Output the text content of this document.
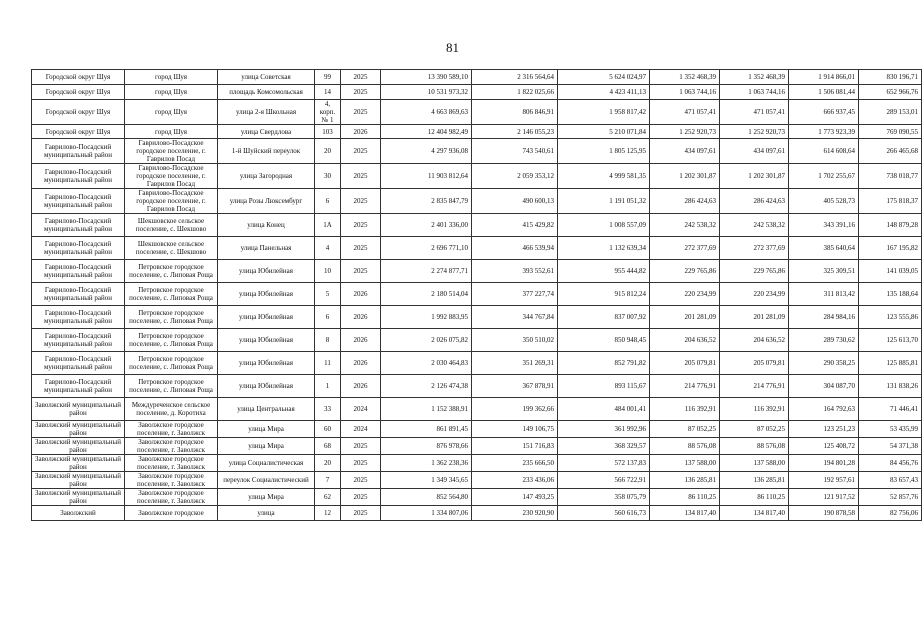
81
Городской округ Шуя	город Шуя	улица Советская	99	2025	13 390 589,10	2 316 564,64	5 624 024,97	1 352 468,39	1 352 468,39	1 914 866,01	830 196,71
Городской округ Шуя	город Шуя	площадь Комсомольская	14	2025	10 531 973,32	1 822 025,66	4 423 411,13	1 063 744,16	1 063 744,16	1 506 081,44	652 966,76
Городской округ Шуя	город Шуя	улица 2-я Школьная	4, корп. № 1	2025	4 663 869,63	806 846,91	1 958 817,42	471 057,41	471 057,41	666 937,45	289 153,01
Городской округ Шуя	город Шуя	улица Свердлова	103	2026	12 404 982,49	2 146 055,23	5 210 071,84	1 252 920,73	1 252 920,73	1 773 923,39	769 090,55
Гаврилово-Посадский муниципальный район	Гаврилово-Посадское городское поселение, г. Гаврилов Посад	1-й Шуйский переулок	20	2025	4 297 936,08	743 540,61	1 805 125,95	434 097,61	434 097,61	614 608,64	266 465,68
Гаврилово-Посадский муниципальный район	Гаврилово-Посадское городское поселение, г. Гаврилов Посад	улица Загородная	30	2025	11 903 812,64	2 059 353,12	4 999 581,35	1 202 301,87	1 202 301,87	1 702 255,67	738 018,77
Гаврилово-Посадский муниципальный район	Гаврилово-Посадское городское поселение, г. Гаврилов Посад	улица Розы Люксембург	6	2025	2 835 847,79	490 600,13	1 191 051,32	286 424,63	286 424,63	405 528,73	175 818,37
Гаврилово-Посадский муниципальный район	Шекшовское сельское поселение, с. Шекшово	улица Конец	1А	2025	2 401 336,00	415 429,82	1 008 557,09	242 538,32	242 538,32	343 391,16	148 879,28
Гаврилово-Посадский муниципальный район	Шекшовское сельское поселение, с. Шекшово	улица Панельная	4	2025	2 696 771,10	466 539,94	1 132 639,34	272 377,69	272 377,69	385 640,64	167 195,82
Гаврилово-Посадский муниципальный район	Петровское городское поселение, с. Липовая Роща	улица Юбилейная	10	2025	2 274 877,71	393 552,61	955 444,82	229 765,86	229 765,86	325 309,51	141 039,05
Гаврилово-Посадский муниципальный район	Петровское городское поселение, с. Липовая Роща	улица Юбилейная	5	2026	2 180 514,04	377 227,74	915 812,24	220 234,99	220 234,99	311 813,42	135 188,64
Гаврилово-Посадский муниципальный район	Петровское городское поселение, с. Липовая Роща	улица Юбилейная	6	2026	1 992 883,95	344 767,84	837 007,92	201 281,09	201 281,09	284 984,16	123 555,86
Гаврилово-Посадский муниципальный район	Петровское городское поселение, с. Липовая Роща	улица Юбилейная	8	2026	2 026 075,82	350 510,02	850 948,45	204 636,52	204 636,52	289 730,62	125 613,70
Гаврилово-Посадский муниципальный район	Петровское городское поселение, с. Липовая Роща	улица Юбилейная	11	2026	2 030 464,83	351 269,31	852 791,82	205 079,81	205 079,81	290 358,25	125 885,81
Гаврилово-Посадский муниципальный район	Петровское городское поселение, с. Липовая Роща	улица Юбилейная	1	2026	2 126 474,38	367 878,91	893 115,67	214 776,91	214 776,91	304 087,70	131 838,26
Заволжский муниципальный район	Междуреченское сельское поселение, д. Коротиха	улица Центральная	33	2024	1 152 388,91	199 362,66	484 001,41	116 392,91	116 392,91	164 792,63	71 446,41
Заволжский муниципальный район	Заволжское городское поселение, г. Заволжск	улица Мира	60	2024	861 891,45	149 106,75	361 992,96	87 052,25	87 052,25	123 251,23	53 435,99
Заволжский муниципальный район	Заволжское городское поселение, г. Заволжск	улица Мира	68	2025	876 978,66	151 716,83	368 329,57	88 576,08	88 576,08	125 408,72	54 371,38
Заволжский муниципальный район	Заволжское городское поселение, г. Заволжск	улица Социалистическая	20	2025	1 362 238,36	235 666,50	572 137,83	137 588,00	137 588,00	194 801,28	84 456,76
Заволжский муниципальный район	Заволжское городское поселение, г. Заволжск	переулок Социалистический	7	2025	1 349 345,65	233 436,06	566 722,91	136 285,81	136 285,81	192 957,61	83 657,43
Заволжский муниципальный район	Заволжское городское поселение, г. Заволжск	улица Мира	62	2025	852 564,80	147 493,25	358 075,79	86 110,25	86 110,25	121 917,52	52 857,76
Заволжский	Заволжское городское	улица	12	2025	1 334 807,06	230 920,90	560 616,73	134 817,40	134 817,40	190 878,58	82 756,06
